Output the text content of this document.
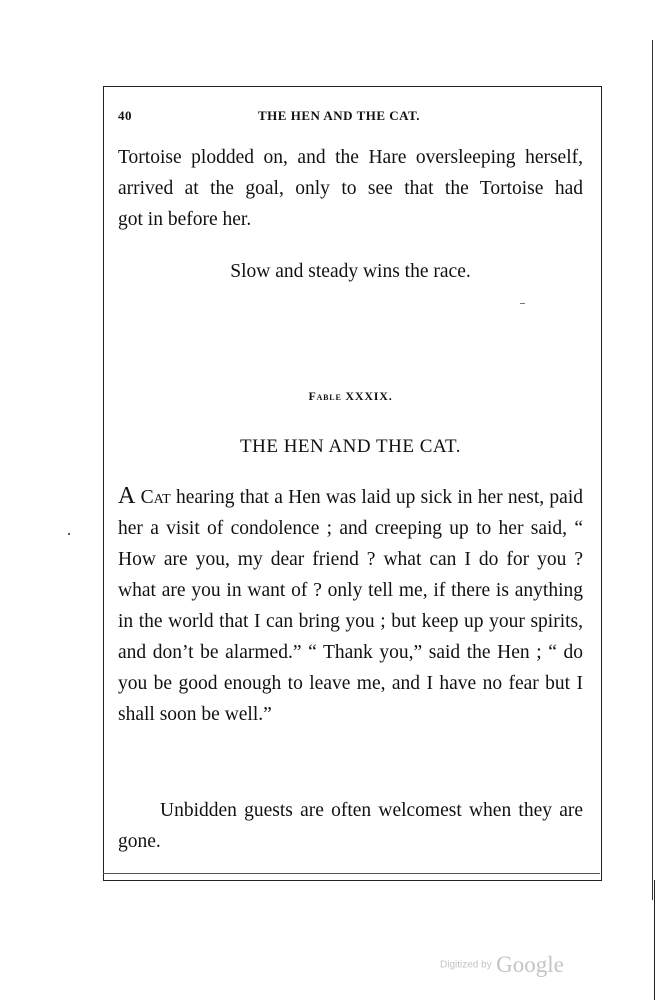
40	THE HEN AND THE CAT.
Tortoise plodded on, and the Hare oversleeping herself,
arrived at the goal, only to see that the Tortoise had
got in before her.
Slow and steady wins the race.
Fable XXXIX.
THE HEN AND THE CAT.
A Cat hearing that a Hen was laid up sick in her nest, paid her a visit of condolence ; and creeping up to her said, “ How are you, my dear friend ? what can I do for you ? what are you in want of ? only tell me, if there is anything in the world that I can bring you ; but keep up your spirits, and don’t be alarmed.” “ Thank you,” said the Hen ; “ do you be good enough to leave me, and I have no fear but I shall soon be well.”
Unbidden guests are often welcomest when they are gone.
Digitized by Google
